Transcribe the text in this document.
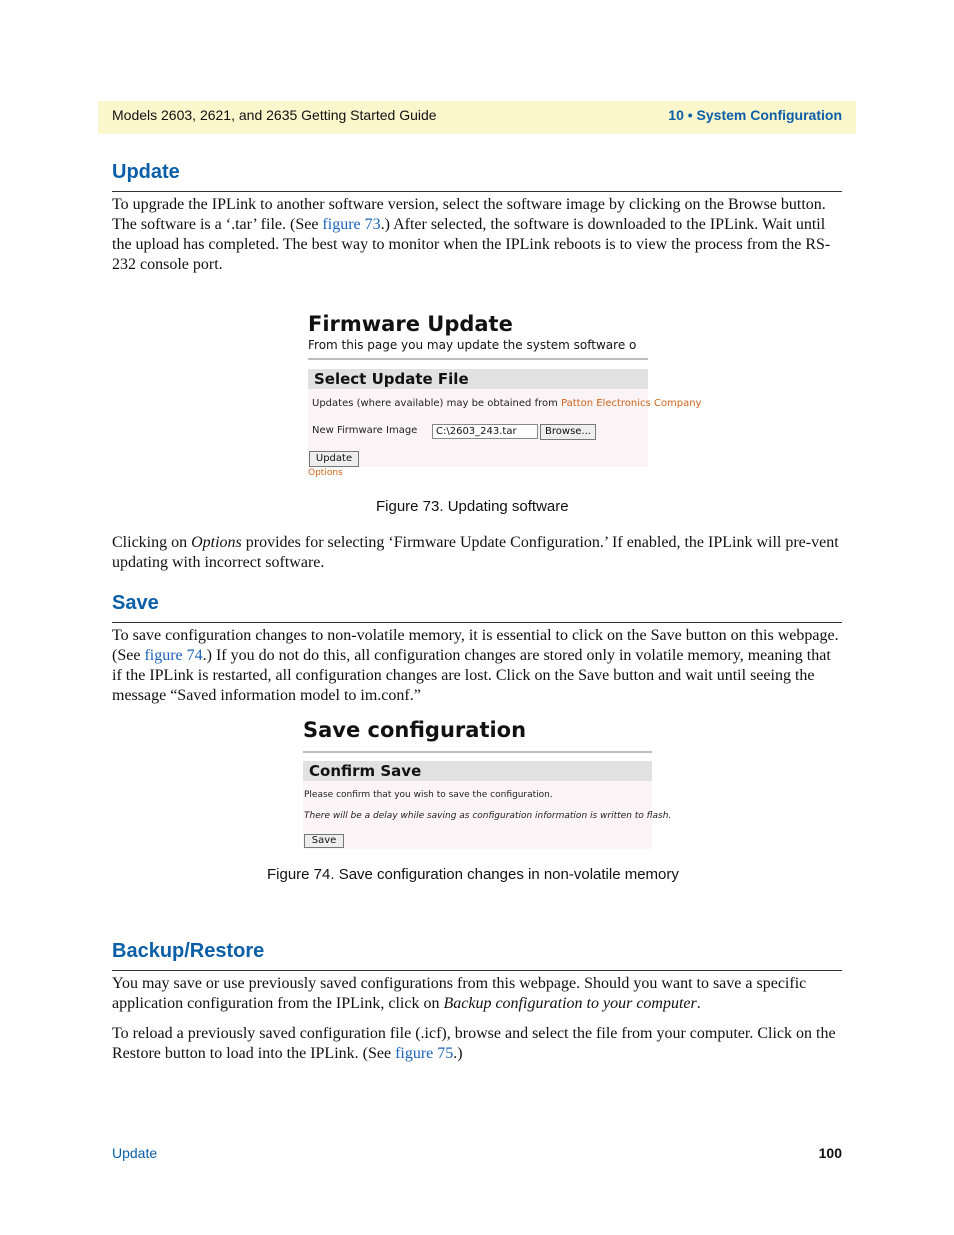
Models 2603, 2621, and 2635 Getting Started Guide	10 • System Configuration
Update

To upgrade the IPLink to another software version, select the software image by clicking on the Browse button. The software is a ‘.tar’ file. (See figure 73.) After selected, the software is downloaded to the IPLink. Wait until the upload has completed. The best way to monitor when the IPLink reboots is to view the process from the RS-232 console port.

Firmware Update
From this page you may update the system software o
Select Update File
Updates (where available) may be obtained from Patton Electronics Company
New Firmware Image	C:\2603_243.tar	Browse...
Update
Options
Figure 73. Updating software

Clicking on Options provides for selecting ‘Firmware Update Configuration.’ If enabled, the IPLink will pre-vent updating with incorrect software.

Save

To save configuration changes to non-volatile memory, it is essential to click on the Save button on this webpage. (See figure 74.) If you do not do this, all configuration changes are stored only in volatile memory, meaning that if the IPLink is restarted, all configuration changes are lost. Click on the Save button and wait until seeing the message “Saved information model to im.conf.”

Save configuration
Confirm Save
Please confirm that you wish to save the configuration.
There will be a delay while saving as configuration information is written to flash.
Save
Figure 74. Save configuration changes in non-volatile memory
Backup/Restore

You may save or use previously saved configurations from this webpage. Should you want to save a specific application configuration from the IPLink, click on Backup configuration to your computer.

To reload a previously saved configuration file (.icf), browse and select the file from your computer. Click on the Restore button to load into the IPLink. (See figure 75.)

Update	100
